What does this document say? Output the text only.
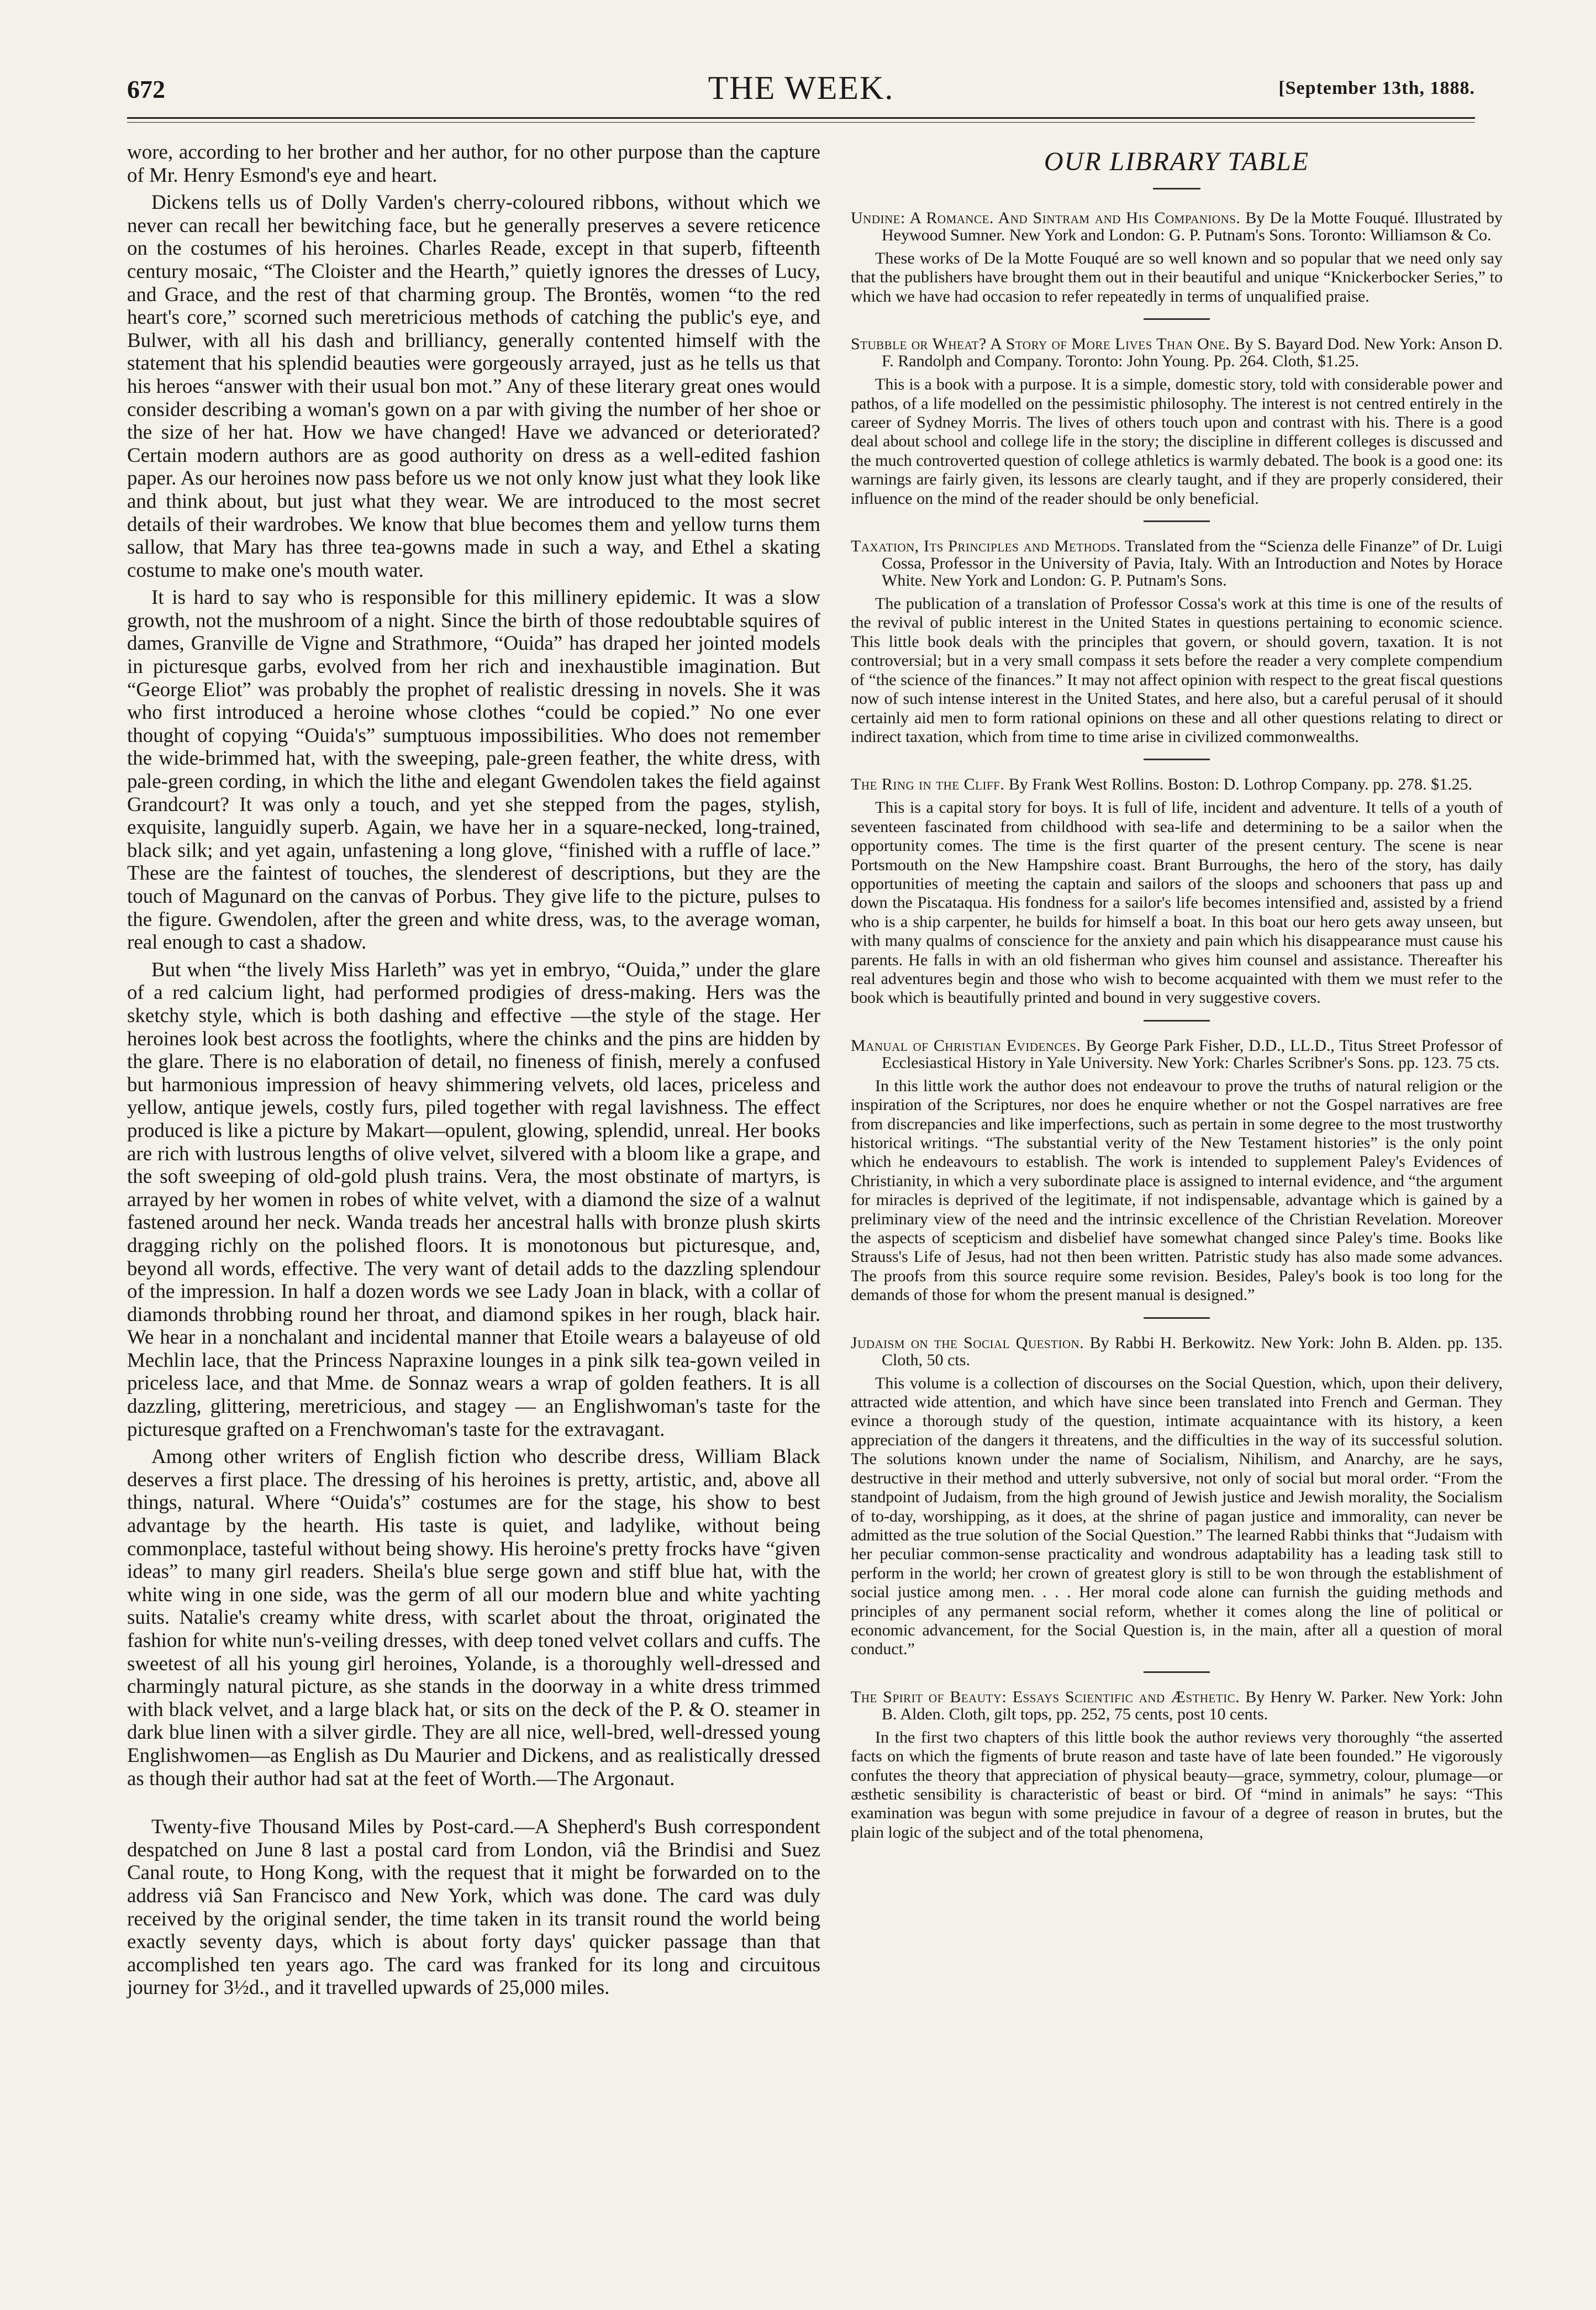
672	THE WEEK.	[September 13th, 1888.

wore, according to her brother and her author, for no other purpose than the capture of Mr. Henry Esmond's eye and heart.

Dickens tells us of Dolly Varden's cherry-coloured ribbons, without which we never can recall her bewitching face, but he generally preserves a severe reticence on the costumes of his heroines. Charles Reade, except in that superb, fifteenth century mosaic, “The Cloister and the Hearth,” quietly ignores the dresses of Lucy, and Grace, and the rest of that charming group. The Brontës, women “to the red heart's core,” scorned such meretricious methods of catching the public's eye, and Bulwer, with all his dash and brilliancy, generally contented himself with the statement that his splendid beauties were gorgeously arrayed, just as he tells us that his heroes “answer with their usual bon mot.” Any of these literary great ones would consider describing a woman's gown on a par with giving the number of her shoe or the size of her hat. How we have changed! Have we advanced or deteriorated? Certain modern authors are as good authority on dress as a well-edited fashion paper. As our heroines now pass before us we not only know just what they look like and think about, but just what they wear. We are introduced to the most secret details of their wardrobes. We know that blue becomes them and yellow turns them sallow, that Mary has three tea-gowns made in such a way, and Ethel a skating costume to make one's mouth water.

It is hard to say who is responsible for this millinery epidemic. It was a slow growth, not the mushroom of a night. Since the birth of those redoubtable squires of dames, Granville de Vigne and Strathmore, “Ouida” has draped her jointed models in picturesque garbs, evolved from her rich and inexhaustible imagination. But “George Eliot” was probably the prophet of realistic dressing in novels. She it was who first introduced a heroine whose clothes “could be copied.” No one ever thought of copying “Ouida's” sumptuous impossibilities. Who does not remember the wide-brimmed hat, with the sweeping, pale-green feather, the white dress, with pale-green cording, in which the lithe and elegant Gwendolen takes the field against Grandcourt? It was only a touch, and yet she stepped from the pages, stylish, exquisite, languidly superb. Again, we have her in a square-necked, long-trained, black silk; and yet again, unfastening a long glove, “finished with a ruffle of lace.” These are the faintest of touches, the slenderest of descriptions, but they are the touch of Magunard on the canvas of Porbus. They give life to the picture, pulses to the figure. Gwendolen, after the green and white dress, was, to the average woman, real enough to cast a shadow.

But when “the lively Miss Harleth” was yet in embryo, “Ouida,” under the glare of a red calcium light, had performed prodigies of dress-making. Hers was the sketchy style, which is both dashing and effective —the style of the stage. Her heroines look best across the footlights, where the chinks and the pins are hidden by the glare. There is no elaboration of detail, no fineness of finish, merely a confused but harmonious impression of heavy shimmering velvets, old laces, priceless and yellow, antique jewels, costly furs, piled together with regal lavishness. The effect produced is like a picture by Makart—opulent, glowing, splendid, unreal. Her books are rich with lustrous lengths of olive velvet, silvered with a bloom like a grape, and the soft sweeping of old-gold plush trains. Vera, the most obstinate of martyrs, is arrayed by her women in robes of white velvet, with a diamond the size of a walnut fastened around her neck. Wanda treads her ancestral halls with bronze plush skirts dragging richly on the polished floors. It is monotonous but picturesque, and, beyond all words, effective. The very want of detail adds to the dazzling splendour of the impression. In half a dozen words we see Lady Joan in black, with a collar of diamonds throbbing round her throat, and diamond spikes in her rough, black hair. We hear in a nonchalant and incidental manner that Etoile wears a balayeuse of old Mechlin lace, that the Princess Napraxine lounges in a pink silk tea-gown veiled in priceless lace, and that Mme. de Sonnaz wears a wrap of golden feathers. It is all dazzling, glittering, meretricious, and stagey — an Englishwoman's taste for the picturesque grafted on a Frenchwoman's taste for the extravagant.

Among other writers of English fiction who describe dress, William Black deserves a first place. The dressing of his heroines is pretty, artistic, and, above all things, natural. Where “Ouida's” costumes are for the stage, his show to best advantage by the hearth. His taste is quiet, and ladylike, without being commonplace, tasteful without being showy. His heroine's pretty frocks have “given ideas” to many girl readers. Sheila's blue serge gown and stiff blue hat, with the white wing in one side, was the germ of all our modern blue and white yachting suits. Natalie's creamy white dress, with scarlet about the throat, originated the fashion for white nun's-veiling dresses, with deep toned velvet collars and cuffs. The sweetest of all his young girl heroines, Yolande, is a thoroughly well-dressed and charmingly natural picture, as she stands in the doorway in a white dress trimmed with black velvet, and a large black hat, or sits on the deck of the P. & O. steamer in dark blue linen with a silver girdle. They are all nice, well-bred, well-dressed young Englishwomen—as English as Du Maurier and Dickens, and as realistically dressed as though their author had sat at the feet of Worth.—The Argonaut.

Twenty-five Thousand Miles by Post-card.—A Shepherd's Bush correspondent despatched on June 8 last a postal card from London, viâ the Brindisi and Suez Canal route, to Hong Kong, with the request that it might be forwarded on to the address viâ San Francisco and New York, which was done. The card was duly received by the original sender, the time taken in its transit round the world being exactly seventy days, which is about forty days' quicker passage than that accomplished ten years ago. The card was franked for its long and circuitous journey for 3½d., and it travelled upwards of 25,000 miles.

OUR LIBRARY TABLE

Undine: A Romance. And Sintram and His Companions. By De la Motte Fouqué. Illustrated by Heywood Sumner. New York and London: G. P. Putnam's Sons. Toronto: Williamson & Co.

These works of De la Motte Fouqué are so well known and so popular that we need only say that the publishers have brought them out in their beautiful and unique “Knickerbocker Series,” to which we have had occasion to refer repeatedly in terms of unqualified praise.

Stubble or Wheat? A Story of More Lives Than One. By S. Bayard Dod. New York: Anson D. F. Randolph and Company. Toronto: John Young. Pp. 264. Cloth, $1.25.

This is a book with a purpose. It is a simple, domestic story, told with considerable power and pathos, of a life modelled on the pessimistic philosophy. The interest is not centred entirely in the career of Sydney Morris. The lives of others touch upon and contrast with his. There is a good deal about school and college life in the story; the discipline in different colleges is discussed and the much controverted question of college athletics is warmly debated. The book is a good one: its warnings are fairly given, its lessons are clearly taught, and if they are properly considered, their influence on the mind of the reader should be only beneficial.

Taxation, Its Principles and Methods. Translated from the “Scienza delle Finanze” of Dr. Luigi Cossa, Professor in the University of Pavia, Italy. With an Introduction and Notes by Horace White. New York and London: G. P. Putnam's Sons.

The publication of a translation of Professor Cossa's work at this time is one of the results of the revival of public interest in the United States in questions pertaining to economic science. This little book deals with the principles that govern, or should govern, taxation. It is not controversial; but in a very small compass it sets before the reader a very complete compendium of “the science of the finances.” It may not affect opinion with respect to the great fiscal questions now of such intense interest in the United States, and here also, but a careful perusal of it should certainly aid men to form rational opinions on these and all other questions relating to direct or indirect taxation, which from time to time arise in civilized commonwealths.

The Ring in the Cliff. By Frank West Rollins. Boston: D. Lothrop Company. pp. 278. $1.25.

This is a capital story for boys. It is full of life, incident and adventure. It tells of a youth of seventeen fascinated from childhood with sea-life and determining to be a sailor when the opportunity comes. The time is the first quarter of the present century. The scene is near Portsmouth on the New Hampshire coast. Brant Burroughs, the hero of the story, has daily opportunities of meeting the captain and sailors of the sloops and schooners that pass up and down the Piscataqua. His fondness for a sailor's life becomes intensified and, assisted by a friend who is a ship carpenter, he builds for himself a boat. In this boat our hero gets away unseen, but with many qualms of conscience for the anxiety and pain which his disappearance must cause his parents. He falls in with an old fisherman who gives him counsel and assistance. Thereafter his real adventures begin and those who wish to become acquainted with them we must refer to the book which is beautifully printed and bound in very suggestive covers.

Manual of Christian Evidences. By George Park Fisher, D.D., LL.D., Titus Street Professor of Ecclesiastical History in Yale University. New York: Charles Scribner's Sons. pp. 123. 75 cts.

In this little work the author does not endeavour to prove the truths of natural religion or the inspiration of the Scriptures, nor does he enquire whether or not the Gospel narratives are free from discrepancies and like imperfections, such as pertain in some degree to the most trustworthy historical writings. “The substantial verity of the New Testament histories” is the only point which he endeavours to establish. The work is intended to supplement Paley's Evidences of Christianity, in which a very subordinate place is assigned to internal evidence, and “the argument for miracles is deprived of the legitimate, if not indispensable, advantage which is gained by a preliminary view of the need and the intrinsic excellence of the Christian Revelation. Moreover the aspects of scepticism and disbelief have somewhat changed since Paley's time. Books like Strauss's Life of Jesus, had not then been written. Patristic study has also made some advances. The proofs from this source require some revision. Besides, Paley's book is too long for the demands of those for whom the present manual is designed.”

Judaism on the Social Question. By Rabbi H. Berkowitz. New York: John B. Alden. pp. 135. Cloth, 50 cts.

This volume is a collection of discourses on the Social Question, which, upon their delivery, attracted wide attention, and which have since been translated into French and German. They evince a thorough study of the question, intimate acquaintance with its history, a keen appreciation of the dangers it threatens, and the difficulties in the way of its successful solution. The solutions known under the name of Socialism, Nihilism, and Anarchy, are he says, destructive in their method and utterly subversive, not only of social but moral order. “From the standpoint of Judaism, from the high ground of Jewish justice and Jewish morality, the Socialism of to-day, worshipping, as it does, at the shrine of pagan justice and immorality, can never be admitted as the true solution of the Social Question.” The learned Rabbi thinks that “Judaism with her peculiar common-sense practicality and wondrous adaptability has a leading task still to perform in the world; her crown of greatest glory is still to be won through the establishment of social justice among men. . . . Her moral code alone can furnish the guiding methods and principles of any permanent social reform, whether it comes along the line of political or economic advancement, for the Social Question is, in the main, after all a question of moral conduct.”

The Spirit of Beauty: Essays Scientific and Æsthetic. By Henry W. Parker. New York: John B. Alden. Cloth, gilt tops, pp. 252, 75 cents, post 10 cents.

In the first two chapters of this little book the author reviews very thoroughly “the asserted facts on which the figments of brute reason and taste have of late been founded.” He vigorously confutes the theory that appreciation of physical beauty—grace, symmetry, colour, plumage—or æsthetic sensibility is characteristic of beast or bird. Of “mind in animals” he says: “This examination was begun with some prejudice in favour of a degree of reason in brutes, but the plain logic of the subject and of the total phenomena,
